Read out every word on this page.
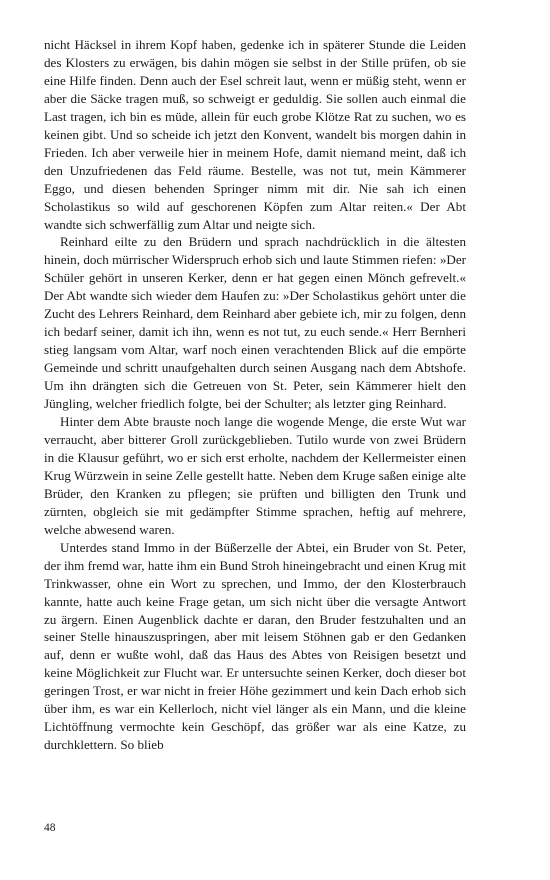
nicht Häcksel in ihrem Kopf haben, gedenke ich in späterer Stunde die Leiden des Klosters zu erwägen, bis dahin mögen sie selbst in der Stille prüfen, ob sie eine Hilfe finden. Denn auch der Esel schreit laut, wenn er müßig steht, wenn er aber die Säcke tragen muß, so schweigt er geduldig. Sie sollen auch einmal die Last tragen, ich bin es müde, allein für euch grobe Klötze Rat zu suchen, wo es keinen gibt. Und so scheide ich jetzt den Konvent, wandelt bis morgen dahin in Frieden. Ich aber verweile hier in meinem Hofe, damit niemand meint, daß ich den Unzufriedenen das Feld räume. Bestelle, was not tut, mein Kämmerer Eggo, und diesen behenden Springer nimm mit dir. Nie sah ich einen Scholastikus so wild auf geschorenen Köpfen zum Altar reiten.« Der Abt wandte sich schwerfällig zum Altar und neigte sich.

Reinhard eilte zu den Brüdern und sprach nachdrücklich in die ältesten hinein, doch mürrischer Widerspruch erhob sich und laute Stimmen riefen: »Der Schüler gehört in unseren Kerker, denn er hat gegen einen Mönch gefrevelt.« Der Abt wandte sich wieder dem Haufen zu: »Der Scholastikus gehört unter die Zucht des Lehrers Reinhard, dem Reinhard aber gebiete ich, mir zu folgen, denn ich bedarf seiner, damit ich ihn, wenn es not tut, zu euch sende.« Herr Bernheri stieg langsam vom Altar, warf noch einen verachtenden Blick auf die empörte Gemeinde und schritt unaufgehalten durch seinen Ausgang nach dem Abtshofe. Um ihn drängten sich die Getreuen von St. Peter, sein Kämmerer hielt den Jüngling, welcher friedlich folgte, bei der Schulter; als letzter ging Reinhard.

Hinter dem Abte brauste noch lange die wogende Menge, die erste Wut war verraucht, aber bitterer Groll zurückgeblieben. Tutilo wurde von zwei Brüdern in die Klausur geführt, wo er sich erst erholte, nachdem der Kellermeister einen Krug Würzwein in seine Zelle gestellt hatte. Neben dem Kruge saßen einige alte Brüder, den Kranken zu pflegen; sie prüften und billigten den Trunk und zürnten, obgleich sie mit gedämpfter Stimme sprachen, heftig auf mehrere, welche abwesend waren.

Unterdes stand Immo in der Büßerzelle der Abtei, ein Bruder von St. Peter, der ihm fremd war, hatte ihm ein Bund Stroh hineingebracht und einen Krug mit Trinkwasser, ohne ein Wort zu sprechen, und Immo, der den Klosterbrauch kannte, hatte auch keine Frage getan, um sich nicht über die versagte Antwort zu ärgern. Einen Augenblick dachte er daran, den Bruder festzuhalten und an seiner Stelle hinauszuspringen, aber mit leisem Stöhnen gab er den Gedanken auf, denn er wußte wohl, daß das Haus des Abtes von Reisigen besetzt und keine Möglichkeit zur Flucht war. Er untersuchte seinen Kerker, doch dieser bot geringen Trost, er war nicht in freier Höhe gezimmert und kein Dach erhob sich über ihm, es war ein Kellerloch, nicht viel länger als ein Mann, und die kleine Lichtöffnung vermochte kein Geschöpf, das größer war als eine Katze, zu durchklettern. So blieb

48
